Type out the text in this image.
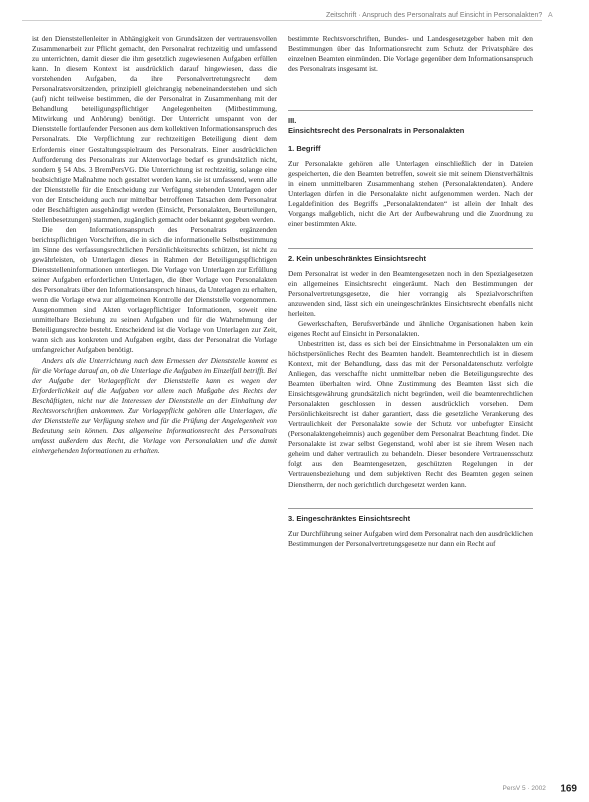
Zeitschrift · Anspruch des Personalrats auf Einsicht in Personalakten? A

ist den Dienststellenleiter in Abhängigkeit von Grundsätzen der vertrauensvollen Zusammenarbeit zur Pflicht gemacht, den Personalrat rechtzeitig und umfassend zu unterrichten, damit dieser die ihm gesetzlich zugewiesenen Aufgaben erfüllen kann. In diesem Kontext ist ausdrücklich darauf hingewiesen, dass die vorstehenden Aufgaben, da ihre Personalvertretungsrecht dem Personalratsvorsitzenden, prinzipiell gleichrangig nebeneinanderstehen und sich (auf) nicht teilweise bestimmen, die der Personalrat in Zusammenhang mit der Behandlung beteiligungspflichtiger Angelegenheiten (Mitbestimmung, Mitwirkung und Anhörung) benötigt. Der Unterricht umspannt von der Dienststelle fortlaufender Personen aus dem kollektiven Informationsanspruch des Personalrats. Die Verpflichtung zur rechtzeitigen Beteiligung dient dem Erfordernis einer Gestaltungsspielraum des Personalrats. Einer ausdrücklichen Aufforderung des Personalrats zur Aktenvorlage bedarf es grundsätzlich nicht, sondern § 54 Abs. 3 BremPersVG. Die Unterrichtung ist rechtzeitig, solange eine beabsichtigte Maßnahme noch gestaltet werden kann, sie ist umfassend, wenn alle der Dienststelle für die Entscheidung zur Verfügung stehenden Unterlagen oder von der Entscheidung auch nur mittelbar betroffenen Tatsachen dem Personalrat oder Beschäftigten ausgehändigt werden (Einsicht, Personalakten, Beurteilungen, Stellenbesetzungen) stammen, zugänglich gemacht oder bekannt gegeben werden.

Die den Informationsanspruch des Personalrats ergänzenden berichtspflichtigen Vorschriften, die in sich die informationelle Selbstbestimmung im Sinne des verfassungsrechtlichen Persönlichkeitsrechts schützen, ist nicht zu gewährleisten, ob Unterlagen dieses in Rahmen der Beteiligungspflichtigen Dienststelleninformationen unterliegen. Die Vorlage von Unterlagen zur Erfüllung seiner Aufgaben erforderlichen Unterlagen, die über Vorlage von Personalakten des Personalrats über den Informationsanspruch hinaus, da Unterlagen zu erhalten, wenn die Vorlage etwa zur allgemeinen Kontrolle der Dienststelle vorgenommen. Ausgenommen sind Akten vorlagepflichtiger Informationen, soweit eine unmittelbare Beziehung zu seinen Aufgaben und für die Wahrnehmung der Beteiligungsrechte besteht. Entscheidend ist die Vorlage von Unterlagen zur Zeit, wann sich aus konkreten und Aufgaben ergibt, dass der Personalrat die Vorlage umfangreicher Aufgaben benötigt.

Anders als die Unterrichtung nach dem Ermessen der Dienststelle kommt es für die Vorlage darauf an, ob die Unterlage die Aufgaben im Einzelfall betrifft. Bei der Aufgabe der Vorlagepflicht der Dienststelle kann es wegen der Erforderlichkeit auf die Aufgaben vor allem nach Maßgabe des Rechts der Beschäftigten, nicht nur die Interessen der Dienststelle an der Einhaltung der Rechtsvorschriften ankommen. Zur Vorlagepflicht gehören alle Unterlagen, die der Dienststelle zur Verfügung stehen und für die Prüfung der Angelegenheit von Bedeutung sein können. Das allgemeine Informationsrecht des Personalrats umfasst außerdem das Recht, die Vorlage von Personalakten und die damit einhergehenden Informationen zu erhalten.

bestimmte Rechtsvorschriften, Bundes- und Landesgesetzgeber haben mit den Bestimmungen über das Informationsrecht zum Schutz der Privatsphäre des einzelnen Beamten einmünden. Die Vorlage gegenüber dem Informationsanspruch des Personalrats insgesamt ist.

III.
Einsichtsrecht des Personalrats in Personalakten
1. Begriff

Zur Personalakte gehören alle Unterlagen einschließlich der in Dateien gespeicherten, die den Beamten betreffen, soweit sie mit seinem Dienstverhältnis in einem unmittelbaren Zusammenhang stehen (Personalaktendaten). Andere Unterlagen dürfen in die Personalakte nicht aufgenommen werden. Nach der Legaldefinition des Begriffs „Personalaktendaten“ ist allein der Inhalt des Vorgangs maßgeblich, nicht die Art der Aufbewahrung und die Zuordnung zu einer bestimmten Akte.

2. Kein unbeschränktes Einsichtsrecht

Dem Personalrat ist weder in den Beamtengesetzen noch in den Spezialgesetzen ein allgemeines Einsichtsrecht eingeräumt. Nach den Bestimmungen der Personalvertretungsgesetze, die hier vorrangig als Spezialvorschriften anzuwenden sind, lässt sich ein uneingeschränktes Einsichtsrecht ebenfalls nicht herleiten.

Gewerkschaften, Berufsverbände und ähnliche Organisationen haben kein eigenes Recht auf Einsicht in Personalakten.

Unbestritten ist, dass es sich bei der Einsichtnahme in Personalakten um ein höchstpersönliches Recht des Beamten handelt. Beamtenrechtlich ist in diesem Kontext, mit der Behandlung, dass das mit der Personaldatenschutz verfolgte Anliegen, das verschaffte nicht unmittelbar neben die Beteiligungsrechte des Beamten überhalten wird. Ohne Zustimmung des Beamten lässt sich die Einsichtsgewährung grundsätzlich nicht begründen, weil die beamtenrechtlichen Personalakten geschlossen in dessen ausdrücklich vorsehen. Dem Persönlichkeitsrecht ist daher garantiert, dass die gesetzliche Verankerung des Vertraulichkeit der Personalakte sowie der Schutz vor unbefugter Einsicht (Personalaktengeheimnis) auch gegenüber dem Personalrat Beachtung findet. Die Personalakte ist zwar selbst Gegenstand, wohl aber ist sie ihrem Wesen nach geheim und daher vertraulich zu behandeln. Dieser besondere Vertrauensschutz folgt aus den Beamtengesetzen, geschützten Regelungen in der Vertrauensbeziehung und dem subjektiven Recht des Beamten gegen seinen Dienstherrn, der noch gerichtlich durchgesetzt werden kann.

3. Eingeschränktes Einsichtsrecht

Zur Durchführung seiner Aufgaben wird dem Personalrat nach den ausdrücklichen Bestimmungen der Personalvertretungsgesetze nur dann ein Recht auf

PersV 5 · 2002 169
